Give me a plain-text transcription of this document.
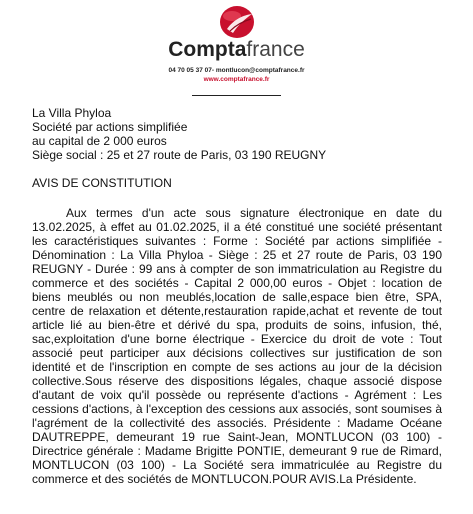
Comptafrance
04 70 05 37 07- montlucon@comptafrance.fr
www.comptafrance.fr
La Villa Phyloa
Société par actions simplifiée
au capital de 2 000 euros
Siège social : 25 et 27 route de Paris, 03 190 REUGNY
AVIS DE CONSTITUTION

Aux termes d'un acte sous signature électronique en date du 13.02.2025, à effet au 01.02.2025, il a été constitué une société présentant les caractéristiques suivantes : Forme : Société par actions simplifiée - Dénomination : La Villa Phyloa - Siège : 25 et 27 route de Paris, 03 190 REUGNY - Durée : 99 ans à compter de son immatriculation au Registre du commerce et des sociétés - Capital 2 000,00 euros - Objet : location de biens meublés ou non meublés,location de salle,espace bien être, SPA, centre de relaxation et détente,restauration rapide,achat et revente de tout article lié au bien-être et dérivé du spa, produits de soins, infusion, thé, sac,exploitation d'une borne électrique - Exercice du droit de vote : Tout associé peut participer aux décisions collectives sur justification de son identité et de l'inscription en compte de ses actions au jour de la décision collective.Sous réserve des dispositions légales, chaque associé dispose d'autant de voix qu'il possède ou représente d'actions - Agrément : Les cessions d'actions, à l'exception des cessions aux associés, sont soumises à l'agrément de la collectivité des associés. Présidente : Madame Océane DAUTREPPE, demeurant 19 rue Saint-Jean, MONTLUCON (03 100) - Directrice générale : Madame Brigitte PONTIE, demeurant 9 rue de Rimard, MONTLUCON (03 100) - La Société sera immatriculée au Registre du commerce et des sociétés de MONTLUCON.POUR AVIS.La Présidente.
